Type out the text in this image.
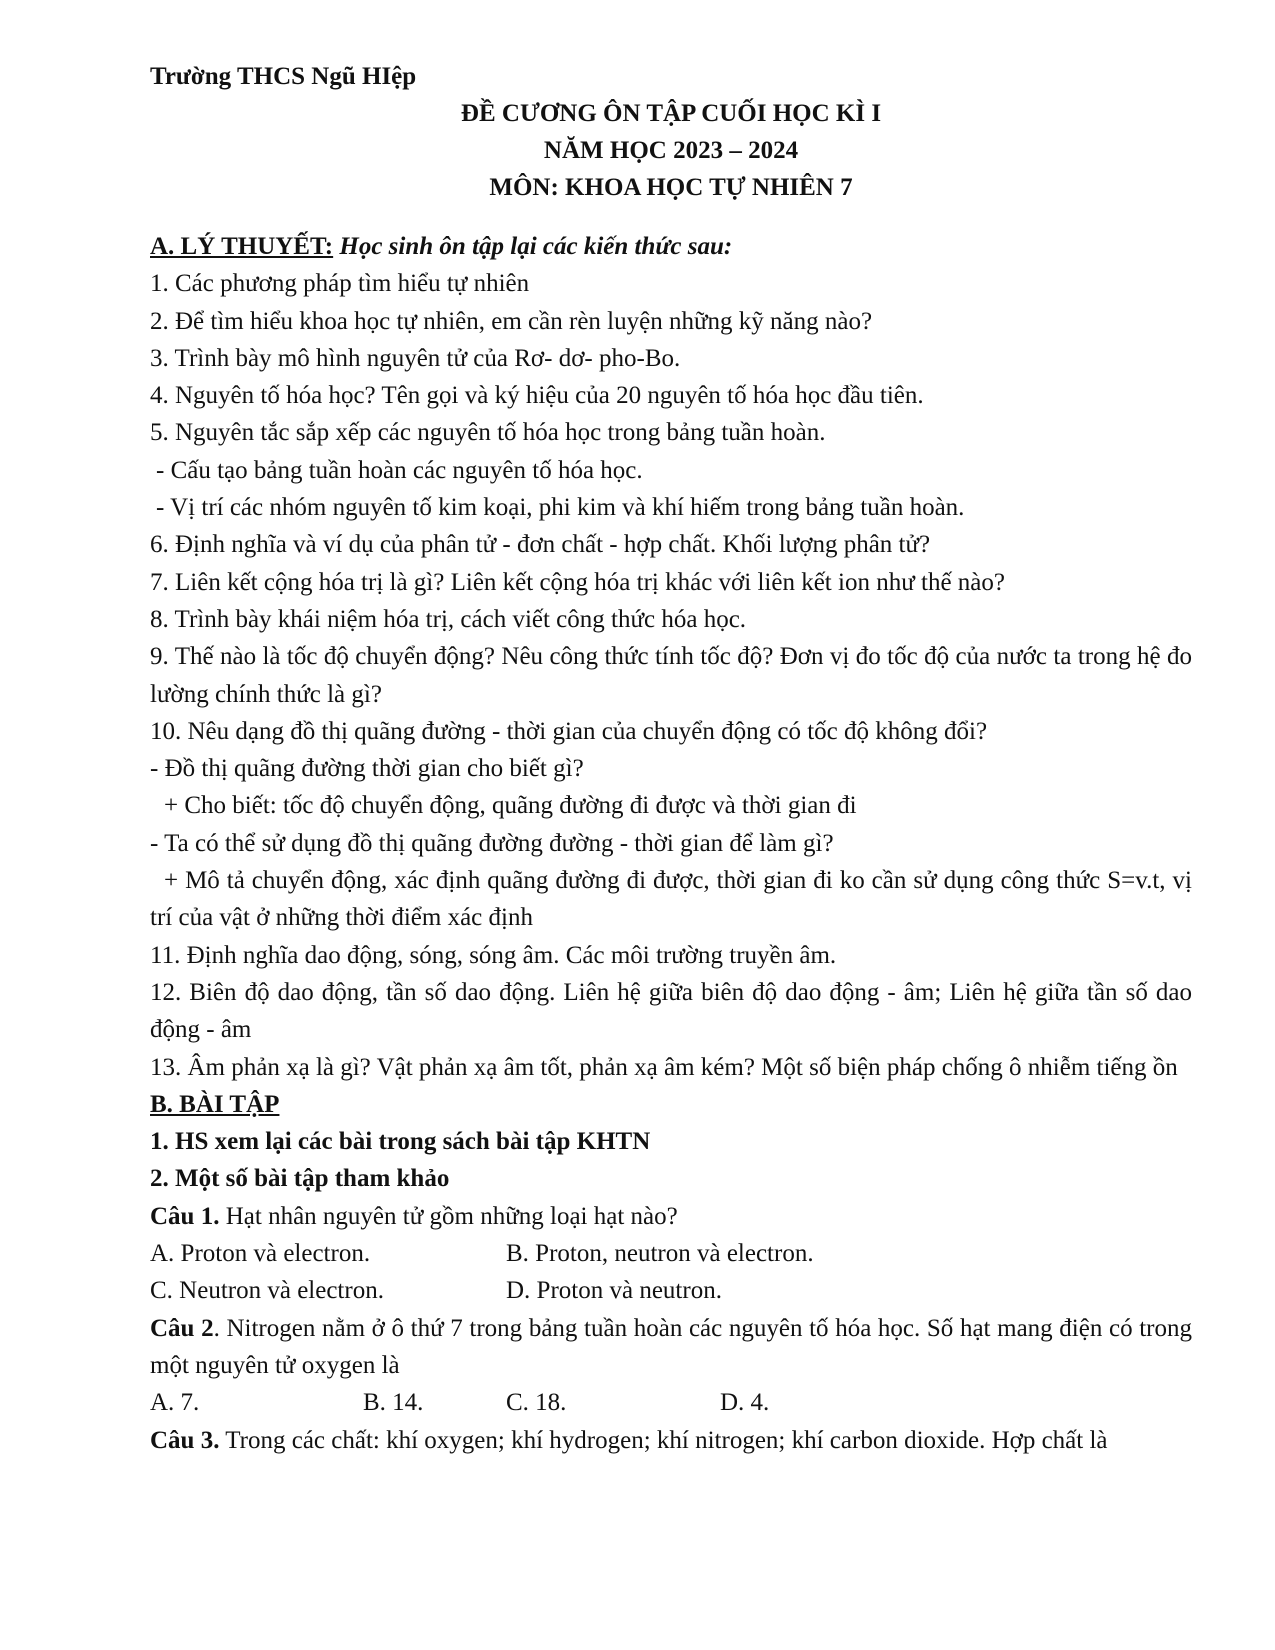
Trường THCS Ngũ HIệp
ĐỀ CƯƠNG ÔN TẬP CUỐI HỌC KÌ I
NĂM HỌC 2023 – 2024
MÔN: KHOA HỌC TỰ NHIÊN 7
A. LÝ THUYẾT: Học sinh ôn tập lại các kiến thức sau:
1. Các phương pháp tìm hiểu tự nhiên
2. Để tìm hiểu khoa học tự nhiên, em cần rèn luyện những kỹ năng nào?
3. Trình bày mô hình nguyên tử của Rơ- dơ- pho-Bo.
4. Nguyên tố hóa học? Tên gọi và ký hiệu của 20 nguyên tố hóa học đầu tiên.
5. Nguyên tắc sắp xếp các nguyên tố hóa học trong bảng tuần hoàn.
- Cấu tạo bảng tuần hoàn các nguyên tố hóa học.
- Vị trí các nhóm nguyên tố kim koại, phi kim và khí hiếm trong bảng tuần hoàn.
6. Định nghĩa và ví dụ của phân tử - đơn chất - hợp chất. Khối lượng phân tử?
7. Liên kết cộng hóa trị là gì? Liên kết cộng hóa trị khác với liên kết ion như thế nào?
8. Trình bày khái niệm hóa trị, cách viết công thức hóa học.
9. Thế nào là tốc độ chuyển động? Nêu công thức tính tốc độ? Đơn vị đo tốc độ của nước ta trong hệ đo lường chính thức là gì?
10. Nêu dạng đồ thị quãng đường - thời gian của chuyển động có tốc độ không đổi?
- Đồ thị quãng đường thời gian cho biết gì?
+ Cho biết: tốc độ chuyển động, quãng đường đi được và thời gian đi
- Ta có thể sử dụng đồ thị quãng đường đường - thời gian để làm gì?
+ Mô tả chuyển động, xác định quãng đường đi được, thời gian đi ko cần sử dụng công thức S=v.t, vị trí của vật ở những thời điểm xác định
11. Định nghĩa dao động, sóng, sóng âm. Các môi trường truyền âm.
12. Biên độ dao động, tần số dao động. Liên hệ giữa biên độ dao động - âm; Liên hệ giữa tần số dao động - âm
13. Âm phản xạ là gì? Vật phản xạ âm tốt, phản xạ âm kém? Một số biện pháp chống ô nhiễm tiếng ồn
B. BÀI TẬP
1. HS xem lại các bài trong sách bài tập KHTN
2. Một số bài tập tham khảo
Câu 1. Hạt nhân nguyên tử gồm những loại hạt nào?
A. Proton và electron.	B. Proton, neutron và electron.
C. Neutron và electron.	D. Proton và neutron.
Câu 2. Nitrogen nằm ở ô thứ 7 trong bảng tuần hoàn các nguyên tố hóa học. Số hạt mang điện có trong một nguyên tử oxygen là
A. 7.	B. 14.	C. 18.	D. 4.
Câu 3. Trong các chất: khí oxygen; khí hydrogen; khí nitrogen; khí carbon dioxide. Hợp chất là
